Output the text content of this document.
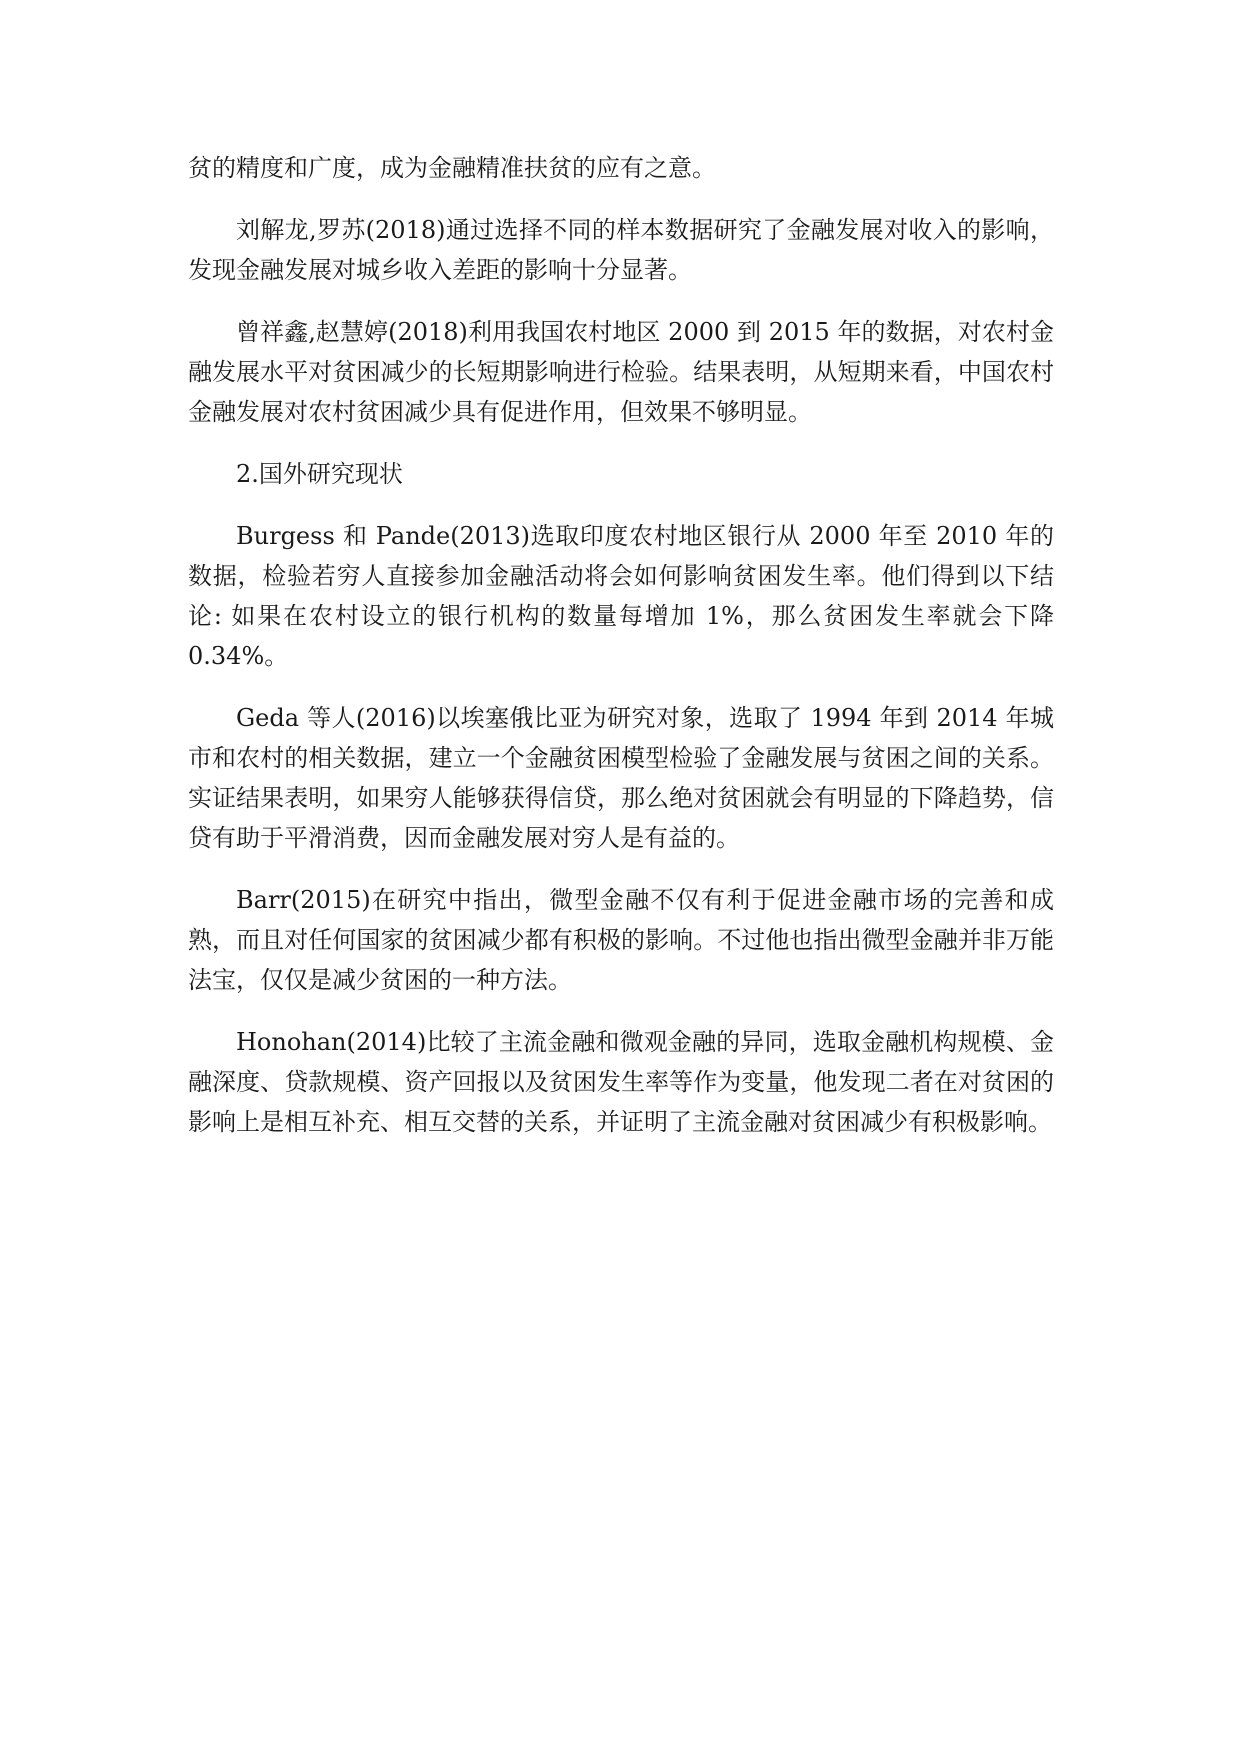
贫的精度和广度，成为金融精准扶贫的应有之意。

刘解龙,罗苏(2018)通过选择不同的样本数据研究了金融发展对收入的影响，发现金融发展对城乡收入差距的影响十分显著。

曾祥鑫,赵慧婷(2018)利用我国农村地区 2000 到 2015 年的数据，对农村金融发展水平对贫困减少的长短期影响进行检验。结果表明，从短期来看，中国农村金融发展对农村贫困减少具有促进作用，但效果不够明显。

2.国外研究现状

Burgess 和 Pande(2013)选取印度农村地区银行从 2000 年至 2010 年的数据，检验若穷人直接参加金融活动将会如何影响贫困发生率。他们得到以下结论: 如果在农村设立的银行机构的数量每增加 1%，那么贫困发生率就会下降 0.34%。

Geda 等人(2016)以埃塞俄比亚为研究对象，选取了 1994 年到 2014 年城市和农村的相关数据，建立一个金融贫困模型检验了金融发展与贫困之间的关系。实证结果表明，如果穷人能够获得信贷，那么绝对贫困就会有明显的下降趋势，信贷有助于平滑消费，因而金融发展对穷人是有益的。

Barr(2015)在研究中指出，微型金融不仅有利于促进金融市场的完善和成熟，而且对任何国家的贫困减少都有积极的影响。不过他也指出微型金融并非万能法宝，仅仅是减少贫困的一种方法。

Honohan(2014)比较了主流金融和微观金融的异同，选取金融机构规模、金融深度、贷款规模、资产回报以及贫困发生率等作为变量，他发现二者在对贫困的影响上是相互补充、相互交替的关系，并证明了主流金融对贫困减少有积极影响。
